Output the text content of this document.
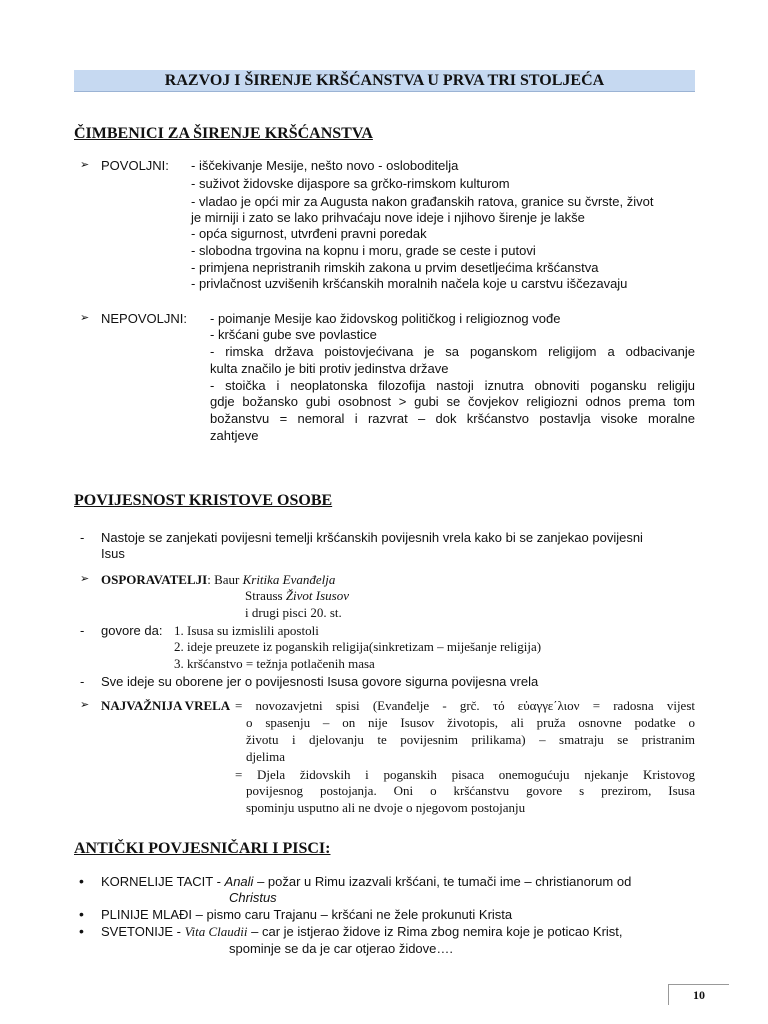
RAZVOJ I ŠIRENJE KRŠĆANSTVA U PRVA TRI STOLJEĆA
ČIMBENICI ZA ŠIRENJE KRŠĆANSTVA
➢ POVOLJNI: - iščekivanje Mesije, nešto novo - osloboditelja
- suživot židovske dijaspore sa grčko-rimskom kulturom
- vladao je opći mir za Augusta nakon građanskih ratova, granice su čvrste, život
je mirniji i zato se lako prihvaćaju nove ideje i njihovo širenje je lakše
- opća sigurnost, utvrđeni pravni poredak
- slobodna trgovina na kopnu i moru, grade se ceste i putovi
- primjena nepristranih rimskih zakona u prvim desetljećima kršćanstva
- privlačnost uzvišenih kršćanskih moralnih načela koje u carstvu iščezavaju
➢ NEPOVOLJNI: - poimanje Mesije kao židovskog političkog i religioznog vođe
- kršćani gube sve povlastice
- rimska država poistovjećivana je sa poganskom religijom a odbacivanje
kulta značilo je biti protiv jedinstva države
- stoička i neoplatonska filozofija nastoji iznutra obnoviti pogansku religiju
gdje božansko gubi osobnost > gubi se čovjekov religiozni odnos prema tom
božanstvu = nemoral i razvrat – dok kršćanstvo postavlja visoke moralne
zahtjeve
POVIJESNOST KRISTOVE OSOBE
- Nastoje se zanjekati povijesni temelji kršćanskih povijesnih vrela kako bi se zanjekao povijesni
Isus
➢ OSPORAVATELJI: Baur Kritika Evanđelja
Strauss Život Isusov
i drugi pisci 20. st.
- govore da: 1. Isusa su izmislili apostoli
2. ideje preuzete iz poganskih religija(sinkretizam – miješanje religija)
3. kršćanstvo = težnja potlačenih masa
- Sve ideje su oborene jer o povijesnosti Isusa govore sigurna povijesna vrela
➢ NAJVAŽNIJA VRELA = novozavjetni spisi (Evanđelje - grč. τό εὐαγγε΄λιον = radosna vijest
o spasenju – on nije Isusov životopis, ali pruža osnovne podatke o
životu i djelovanju te povijesnim prilikama) – smatraju se pristranim
djelima
= Djela židovskih i poganskih pisaca onemogućuju njekanje Kristovog
povijesnog postojanja. Oni o kršćanstvu govore s prezirom, Isusa
spominju usputno ali ne dvoje o njegovom postojanju
ANTIČKI POVJESNIČARI I PISCI:
• KORNELIJE TACIT - Anali – požar u Rimu izazvali kršćani, te tumači ime – christianorum od
Christus
• PLINIJE MLAĐI – pismo caru Trajanu – kršćani ne žele prokunuti Krista
• SVETONIJE - Vita Claudii – car je istjerao židove iz Rima zbog nemira koje je poticao Krist,
spominje se da je car otjerao židove….
10
